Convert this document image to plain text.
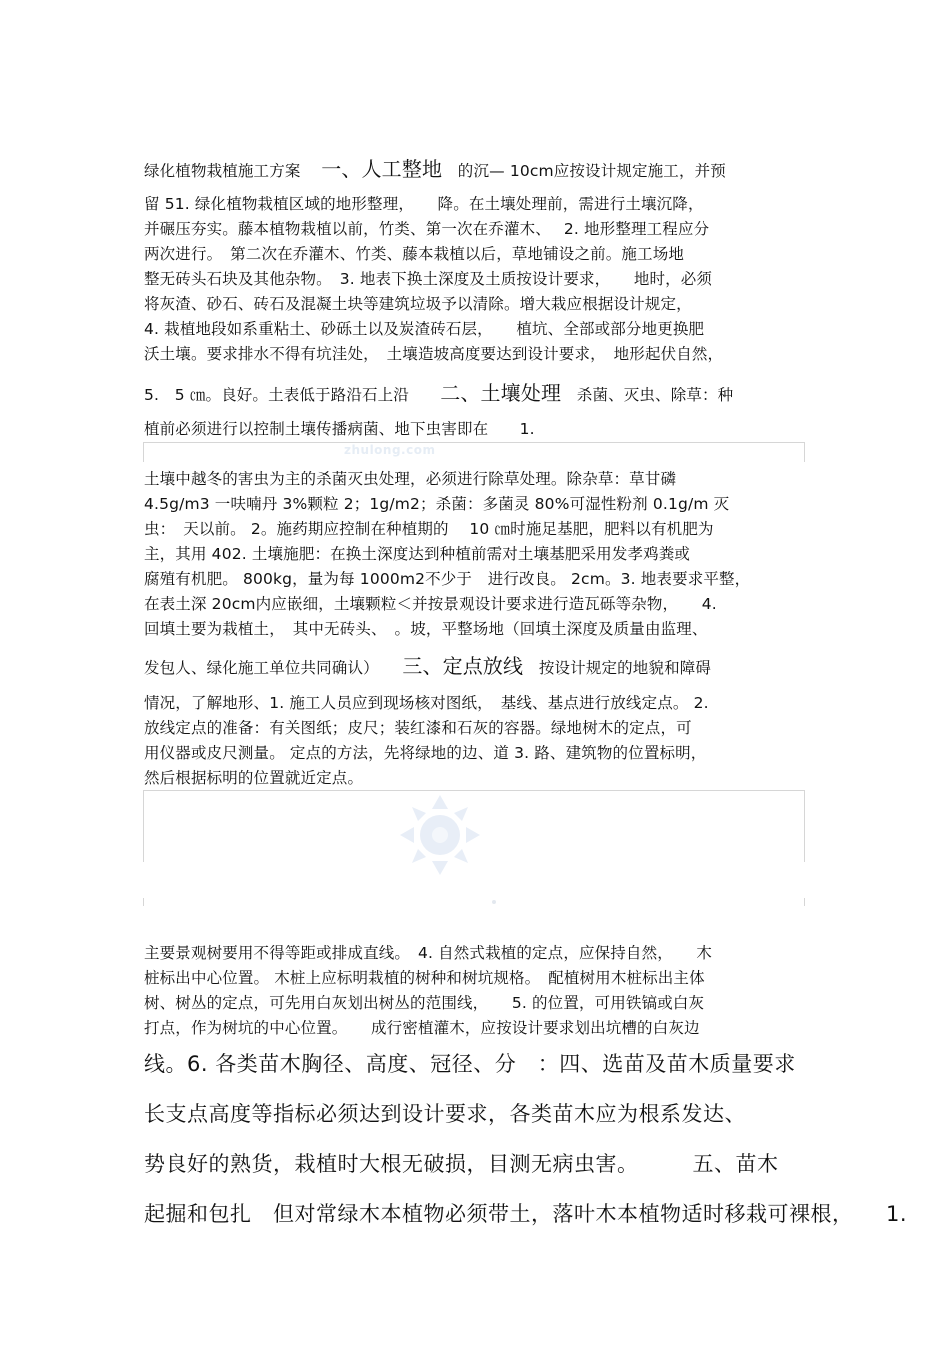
绿化植物栽植施工方案　 一、人工整地　的沉— 10cm应按设计规定施工，并预
留 51. 绿化植物栽植区域的地形整理，　　降。在土壤处理前，需进行土壤沉降，
并碾压夯实。藤本植物栽植以前，竹类、第一次在乔灌木、　 2. 地形整理工程应分
两次进行。　第二次在乔灌木、竹类、藤本栽植以后，草地铺设之前。施工场地
整无砖头石块及其他杂物。　3. 地表下换土深度及土质按设计要求，　　地时，必须
将灰渣、砂石、砖石及混凝土块等建筑垃圾予以清除。增大栽应根据设计规定，
4. 栽植地段如系重粘土、砂砾土以及炭渣砖石层，　　植坑、全部或部分地更换肥
沃土壤。要求排水不得有坑洼处，　土壤造坡高度要达到设计要求，　地形起伏自然，
5.　5 ㎝。良好。土表低于路沿石上沿　　二、土壤处理　杀菌、灭虫、除草：种
植前必须进行以控制土壤传播病菌、地下虫害即在　　1.
zhulong.com
土壤中越冬的害虫为主的杀菌灭虫处理，必须进行除草处理。除杂草：草甘磷
4.5g/m3 一呋喃丹 3%颗粒 2；1g/m2；杀菌：多菌灵 80%可湿性粉剂 0.1g/m 灭
虫：　天以前。 2。施药期应控制在种植期的　 10 ㎝时施足基肥，肥料以有机肥为
主，其用 402. 土壤施肥：在换土深度达到种植前需对土壤基肥采用发孝鸡粪或
腐殖有机肥。 800kg，量为每 1000m2不少于　进行改良。 2cm。3. 地表要求平整，
在表土深 20cm内应嵌细，土壤颗粒＜并按景观设计要求进行造瓦砾等杂物，　　4.
回填土要为栽植土，　其中无砖头、　。坡，平整场地（回填土深度及质量由监理、
发包人、绿化施工单位共同确认）　　三、定点放线　按设计规定的地貌和障碍
情况，了解地形、1. 施工人员应到现场核对图纸，　基线、基点进行放线定点。 2.
放线定点的准备：有关图纸；皮尺；装红漆和石灰的容器。绿地树木的定点，可
用仪器或皮尺测量。 定点的方法，先将绿地的边、道 3. 路、建筑物的位置标明，
然后根据标明的位置就近定点。
主要景观树要用不得等距或排成直线。　4. 自然式栽植的定点，应保持自然，　　木
桩标出中心位置。 木桩上应标明栽植的树种和树坑规格。　配植树用木桩标出主体
树、树丛的定点，可先用白灰划出树丛的范围线，　　5. 的位置，可用铁镐或白灰
打点，作为树坑的中心位置。　　成行密植灌木，应按设计要求划出坑槽的白灰边
线。6. 各类苗木胸径、高度、冠径、分　：四、选苗及苗木质量要求
长支点高度等指标必须达到设计要求，各类苗木应为根系发达、
势良好的熟货，栽植时大根无破损，目测无病虫害。　　　五、苗木
起掘和包扎　但对常绿木本植物必须带土，落叶木本植物适时移栽可裸根，　　1.
